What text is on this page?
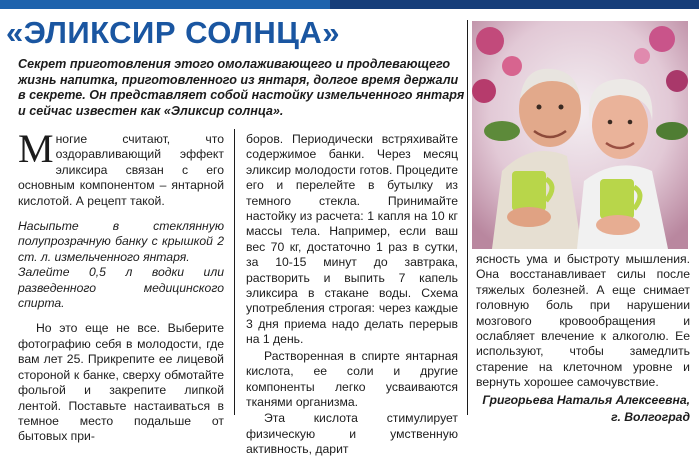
«ЭЛИКСИР СОЛНЦА»

Секрет приготовления этого омолаживающего и продлевающего жизнь напитка, приготовленного из янтаря, долгое время держали в секрете. Он представляет собой настойку измельченного янтаря и сейчас известен как «Эликсир солнца».

Многие считают, что оздоравливающий эффект эликсира связан с его основным компонентом – янтарной кислотой. А рецепт такой.

Насыпьте в стеклянную полупрозрачную банку с крышкой 2 ст. л. измельченного янтаря.

Залейте 0,5 л водки или разведенного медицинского спирта.

Но это еще не все. Выберите фотографию себя в молодости, где вам лет 25. Прикрепите ее лицевой стороной к банке, сверху обмотайте фольгой и закрепите липкой лентой. Поставьте настаиваться в темное место подальше от бытовых при-

боров. Периодически встряхивайте содержимое банки. Через месяц эликсир молодости готов. Процедите его и перелейте в бутылку из темного стекла. Принимайте настойку из расчета: 1 капля на 10 кг массы тела. Например, если ваш вес 70 кг, достаточно 1 раз в сутки, за 10-15 минут до завтрака, растворить и выпить 7 капель эликсира в стакане воды. Схема употребления строгая: через каждые 3 дня приема надо делать перерыв на 1 день.

Растворенная в спирте янтарная кислота, ее соли и другие компоненты легко усваиваются тканями организма.

Эта кислота стимулирует физическую и умственную активность, дарит

ясность ума и быстроту мышления. Она восстанавливает силы после тяжелых болезней. А еще снимает головную боль при нарушении мозгового кровообращения и ослабляет влечение к алкоголю. Ее используют, чтобы замедлить старение на клеточном уровне и вернуть хорошее самочувствие.

Григорьева Наталья Алексеевна,

г. Волгоград
